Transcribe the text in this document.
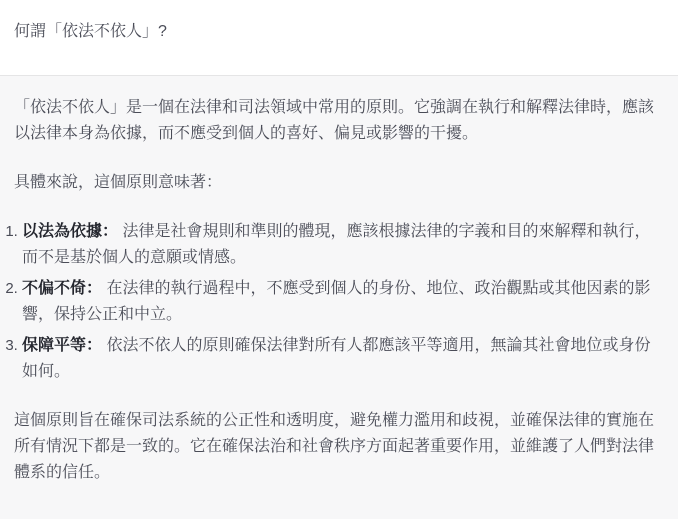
何謂「依法不依人」?

「依法不依人」是一個在法律和司法領域中常用的原則。它強調在執行和解釋法律時，應該以法律本身為依據，而不應受到個人的喜好、偏見或影響的干擾。

具體來說，這個原則意味著：

1. 以法為依據： 法律是社會規則和準則的體現，應該根據法律的字義和目的來解釋和執行，而不是基於個人的意願或情感。
2. 不偏不倚： 在法律的執行過程中，不應受到個人的身份、地位、政治觀點或其他因素的影響，保持公正和中立。
3. 保障平等： 依法不依人的原則確保法律對所有人都應該平等適用，無論其社會地位或身份如何。

這個原則旨在確保司法系統的公正性和透明度，避免權力濫用和歧視，並確保法律的實施在所有情況下都是一致的。它在確保法治和社會秩序方面起著重要作用，並維護了人們對法律體系的信任。
